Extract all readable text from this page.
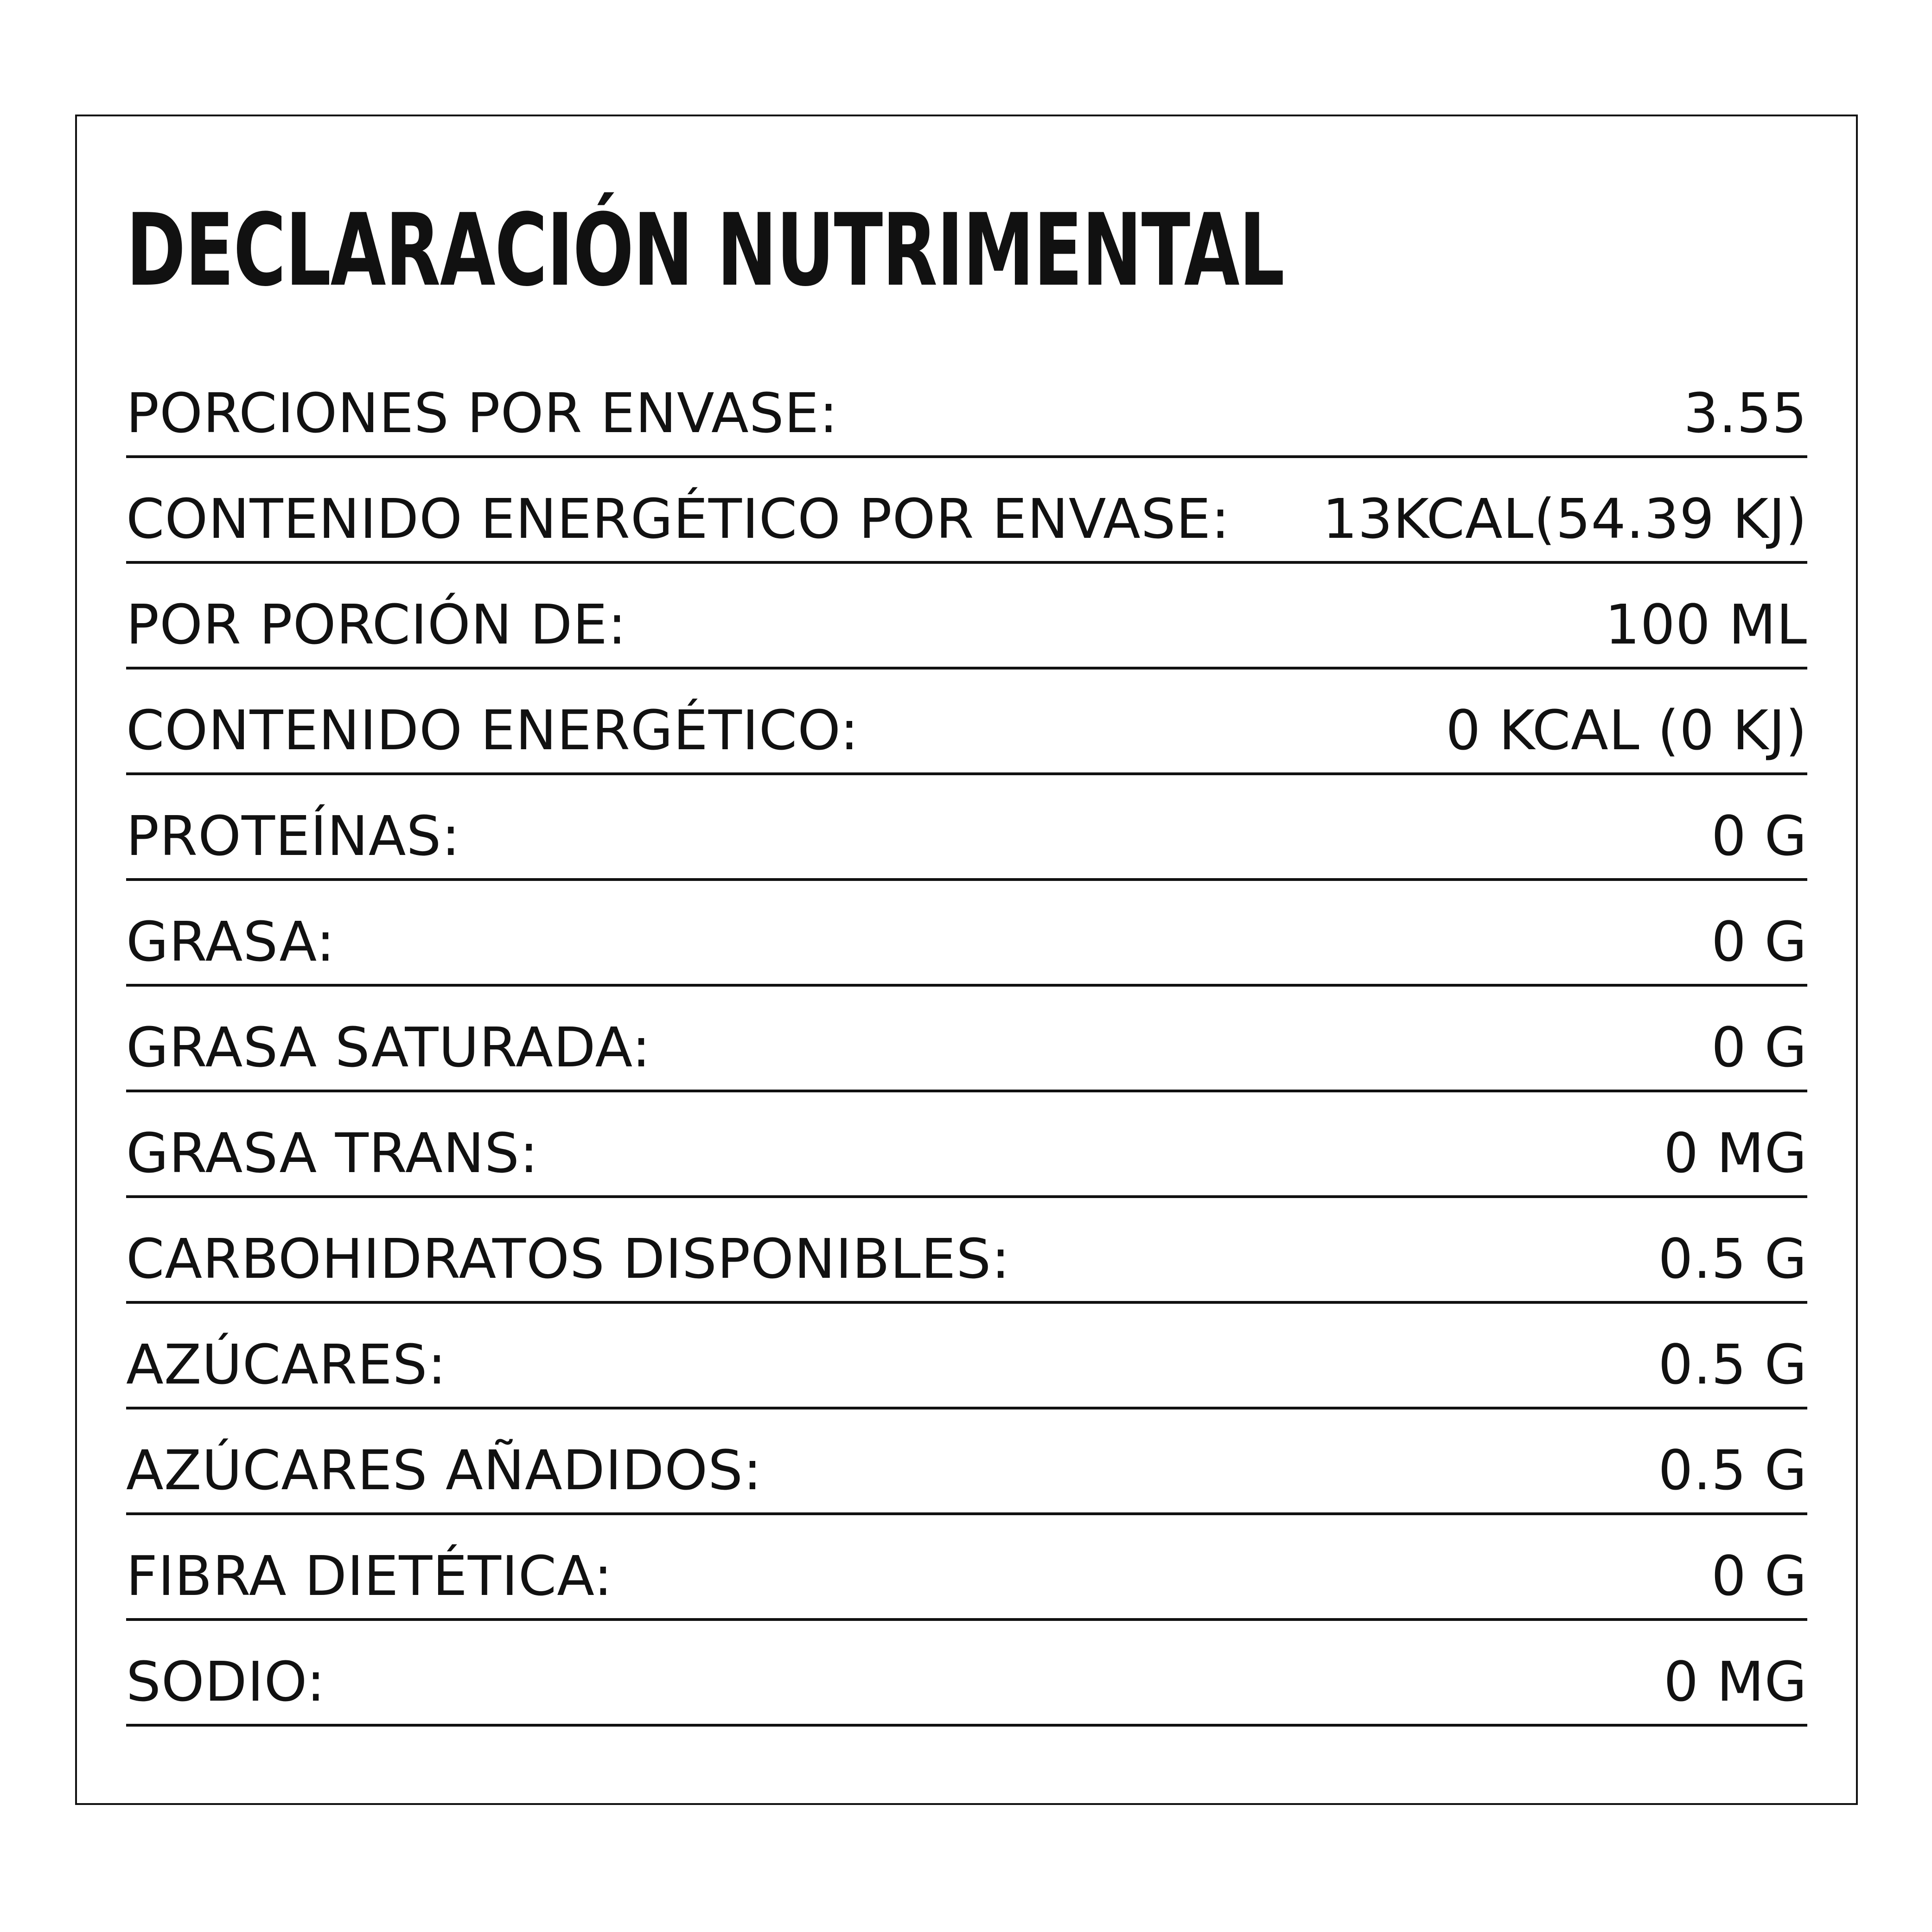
DECLARACIÓN NUTRIMENTAL
PORCIONES POR ENVASE:	3.55
CONTENIDO ENERGÉTICO POR ENVASE: 13KCAL(54.39 KJ)
POR PORCIÓN DE:	100 ML
CONTENIDO ENERGÉTICO:	0 KCAL (0 KJ)
PROTEÍNAS:	0 G
GRASA:	0 G
GRASA SATURADA:	0 G
GRASA TRANS:	0 MG
CARBOHIDRATOS DISPONIBLES:	0.5 G
AZÚCARES:	0.5 G
AZÚCARES AÑADIDOS:	0.5 G
FIBRA DIETÉTICA:	0 G
SODIO:	0 MG
